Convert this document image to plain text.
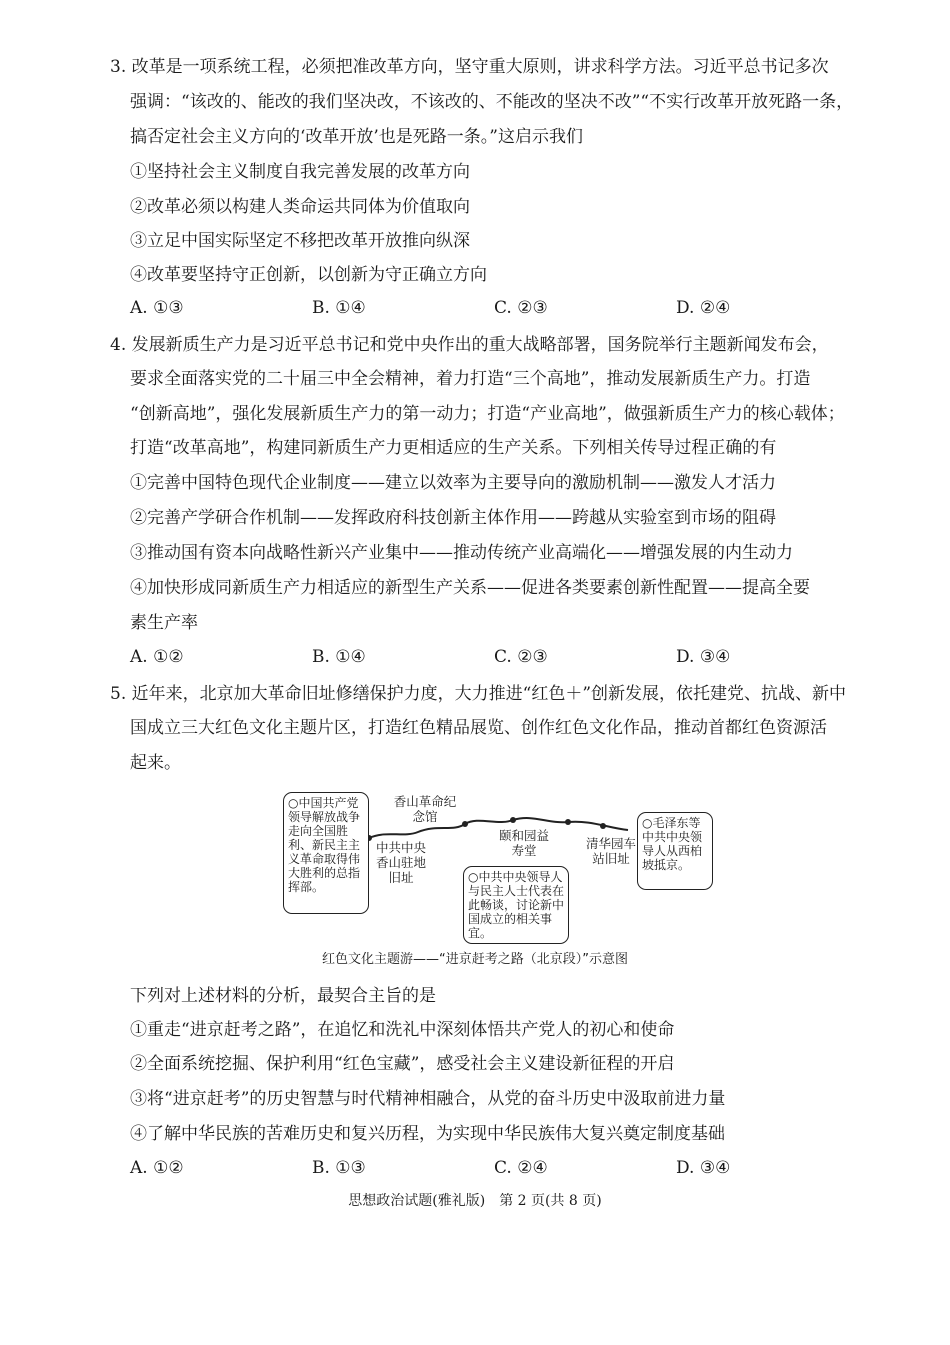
3. 改革是一项系统工程，必须把准改革方向，坚守重大原则，讲求科学方法。习近平总书记多次
强调：“该改的、能改的我们坚决改，不该改的、不能改的坚决不改”“不实行改革开放死路一条，
搞否定社会主义方向的‘改革开放’也是死路一条。”这启示我们
①坚持社会主义制度自我完善发展的改革方向
②改革必须以构建人类命运共同体为价值取向
③立足中国实际坚定不移把改革开放推向纵深
④改革要坚持守正创新，以创新为守正确立方向
A. ①③	B. ①④	C. ②③	D. ②④
4. 发展新质生产力是习近平总书记和党中央作出的重大战略部署，国务院举行主题新闻发布会，
要求全面落实党的二十届三中全会精神，着力打造“三个高地”，推动发展新质生产力。打造
“创新高地”，强化发展新质生产力的第一动力；打造“产业高地”，做强新质生产力的核心载体；
打造“改革高地”，构建同新质生产力更相适应的生产关系。下列相关传导过程正确的有
①完善中国特色现代企业制度——建立以效率为主要导向的激励机制——激发人才活力
②完善产学研合作机制——发挥政府科技创新主体作用——跨越从实验室到市场的阻碍
③推动国有资本向战略性新兴产业集中——推动传统产业高端化——增强发展的内生动力
④加快形成同新质生产力相适应的新型生产关系——促进各类要素创新性配置——提高全要
素生产率
A. ①②	B. ①④	C. ②③	D. ③④
5. 近年来，北京加大革命旧址修缮保护力度，大力推进“红色＋”创新发展，依托建党、抗战、新中
国成立三大红色文化主题片区，打造红色精品展览、创作红色文化作品，推动首都红色资源活
起来。
○中国共产党领导解放战争走向全国胜利、新民主主义革命取得伟大胜利的总指挥部。
○中共中央领导人与民主人士代表在此畅谈，讨论新中国成立的相关事宜。
○毛泽东等中共中央领导人从西柏坡抵京。
香山革命纪念馆
中共中央香山驻地旧址
颐和园益寿堂	清华园车站旧址
红色文化主题游——“进京赶考之路（北京段）”示意图
下列对上述材料的分析，最契合主旨的是
①重走“进京赶考之路”，在追忆和洗礼中深刻体悟共产党人的初心和使命
②全面系统挖掘、保护利用“红色宝藏”，感受社会主义建设新征程的开启
③将“进京赶考”的历史智慧与时代精神相融合，从党的奋斗历史中汲取前进力量
④了解中华民族的苦难历史和复兴历程，为实现中华民族伟大复兴奠定制度基础
A. ①②	B. ①③	C. ②④	D. ③④
思想政治试题(雅礼版)　第 2 页(共 8 页)
